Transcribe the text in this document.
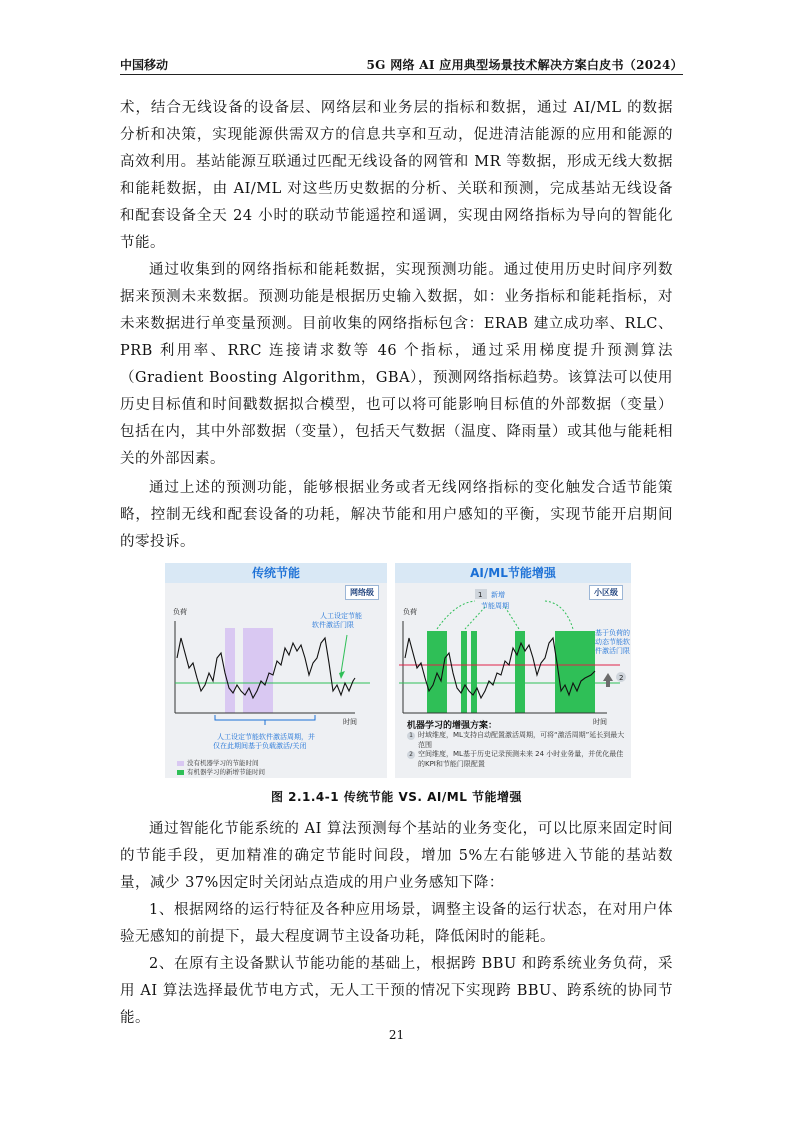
中国移动	5G 网络 AI 应用典型场景技术解决方案白皮书（2024）

术，结合无线设备的设备层、网络层和业务层的指标和数据，通过 AI/ML 的数据分析和决策，实现能源供需双方的信息共享和互动，促进清洁能源的应用和能源的高效利用。基站能源互联通过匹配无线设备的网管和 MR 等数据，形成无线大数据和能耗数据，由 AI/ML 对这些历史数据的分析、关联和预测，完成基站无线设备和配套设备全天 24 小时的联动节能遥控和遥调，实现由网络指标为导向的智能化节能。

通过收集到的网络指标和能耗数据，实现预测功能。通过使用历史时间序列数据来预测未来数据。预测功能是根据历史输入数据，如：业务指标和能耗指标，对未来数据进行单变量预测。目前收集的网络指标包含：ERAB 建立成功率、RLC、PRB 利用率、RRC 连接请求数等 46 个指标，通过采用梯度提升预测算法（Gradient Boosting Algorithm，GBA），预测网络指标趋势。该算法可以使用历史目标值和时间戳数据拟合模型，也可以将可能影响目标值的外部数据（变量） 包括在内，其中外部数据（变量），包括天气数据（温度、降雨量）或其他与能耗相关的外部因素。

通过上述的预测功能，能够根据业务或者无线网络指标的变化触发合适节能策略，控制无线和配套设备的功耗，解决节能和用户感知的平衡，实现节能开启期间的零投诉。

传统节能
网络级
负荷
时间
人工设定节能
软件激活门限
人工设定节能软件激活周期，并
仅在此期间基于负载激活/关闭
没有机器学习的节能时间
有机器学习的新增节能时间
AI/ML节能增强
小区级
负荷
时间
1 新增
节能周期
基于负荷的
动态节能软
件激活门限
2
机器学习的增强方案：
1 时域维度，ML支持自动配置激活周期，可将“激活周期”延长到最大范围
2 空间维度，ML基于历史记录预测未来 24 小时业务量，并优化最佳的KPI和节能门限配置
图 2.1.4-1 传统节能 VS. AI/ML 节能增强

通过智能化节能系统的 AI 算法预测每个基站的业务变化，可以比原来固定时间的节能手段，更加精准的确定节能时间段，增加 5%左右能够进入节能的基站数量，减少 37%因定时关闭站点造成的用户业务感知下降：

1、根据网络的运行特征及各种应用场景，调整主设备的运行状态，在对用户体验无感知的前提下，最大程度调节主设备功耗，降低闲时的能耗。

2、在原有主设备默认节能功能的基础上，根据跨 BBU 和跨系统业务负荷，采用 AI 算法选择最优节电方式，无人工干预的情况下实现跨 BBU、跨系统的协同节能。

21
